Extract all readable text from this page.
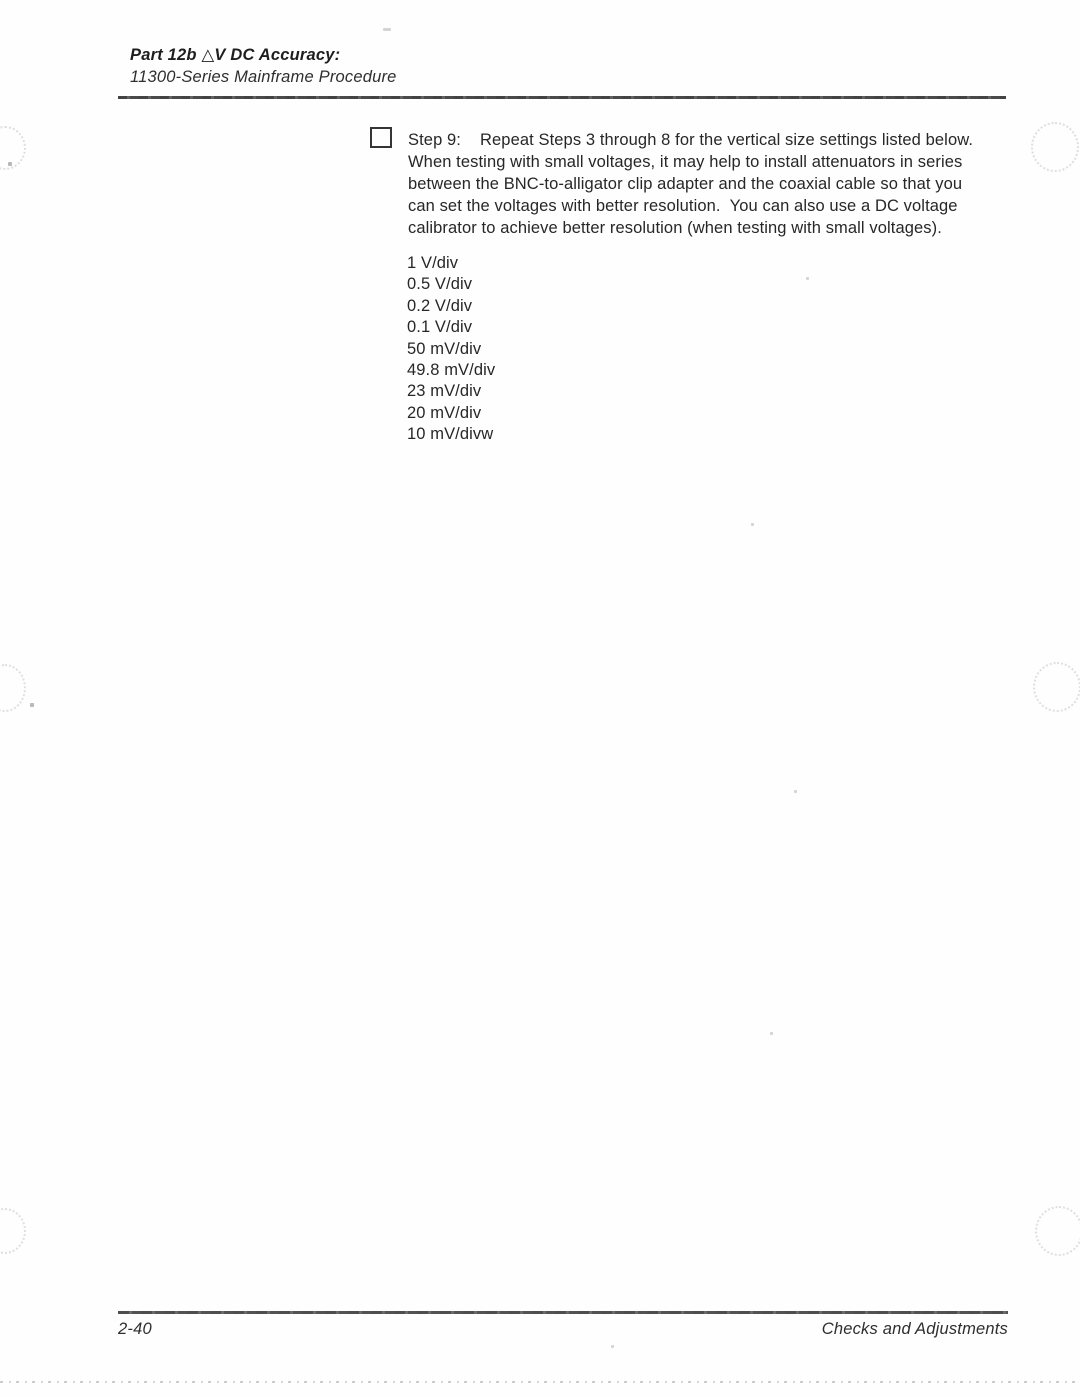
Part 12b △V DC Accuracy:
11300-Series Mainframe Procedure
Step 9: Repeat Steps 3 through 8 for the vertical size settings listed below.
When testing with small voltages, it may help to install attenuators in series
between the BNC-to-alligator clip adapter and the coaxial cable so that you
can set the voltages with better resolution.  You can also use a DC voltage
calibrator to achieve better resolution (when testing with small voltages).
1 V/div
0.5 V/div
0.2 V/div
0.1 V/div
50 mV/div
49.8 mV/div
23 mV/div
20 mV/div
10 mV/divw
2-40	Checks and Adjustments
